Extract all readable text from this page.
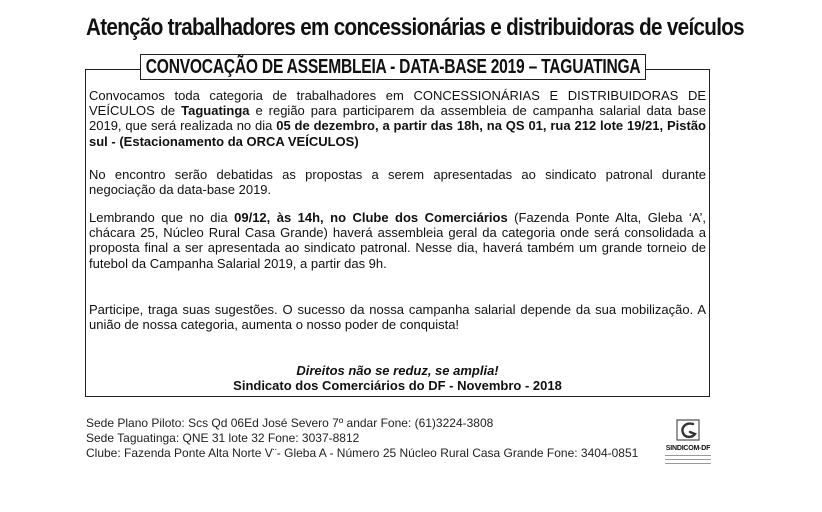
Atenção trabalhadores em concessionárias e distribuidoras de veículos
CONVOCAÇÃO DE ASSEMBLEIA - DATA-BASE 2019 – TAGUATINGA

Convocamos toda categoria de trabalhadores em CONCESSIONÁRIAS E DISTRIBUIDORAS DE VEÍCULOS de Taguatinga e região para participarem da assembleia de campanha salarial data base 2019, que será realizada no dia 05 de dezembro, a partir das 18h, na QS 01, rua 212 lote 19/21, Pistão sul - (Estacionamento da ORCA VEÍCULOS)

No encontro serão debatidas as propostas a serem apresentadas ao sindicato patronal durante negociação da data-base 2019.

Lembrando que no dia 09/12, às 14h, no Clube dos Comerciários (Fazenda Ponte Alta, Gleba ‘A’, chácara 25, Núcleo Rural Casa Grande) haverá assembleia geral da categoria onde será consolidada a proposta final a ser apresentada ao sindicato patronal. Nesse dia, haverá também um grande torneio de futebol da Campanha Salarial 2019, a partir das 9h.

Participe, traga suas sugestões. O sucesso da nossa campanha salarial depende da sua mobilização. A união de nossa categoria, aumenta o nosso poder de conquista!

Direitos não se reduz, se amplia!
Sindicato dos Comerciários do DF - Novembro - 2018
Sede Plano Piloto: Scs Qd 06Ed José Severo 7º andar Fone: (61)3224-3808
Sede Taguatinga: QNE 31 lote 32 Fone: 3037-8812
Clube: Fazenda Ponte Alta Norte V¨- Gleba A - Número 25 Núcleo Rural Casa Grande Fone: 3404-0851	SINDICOM-DF
